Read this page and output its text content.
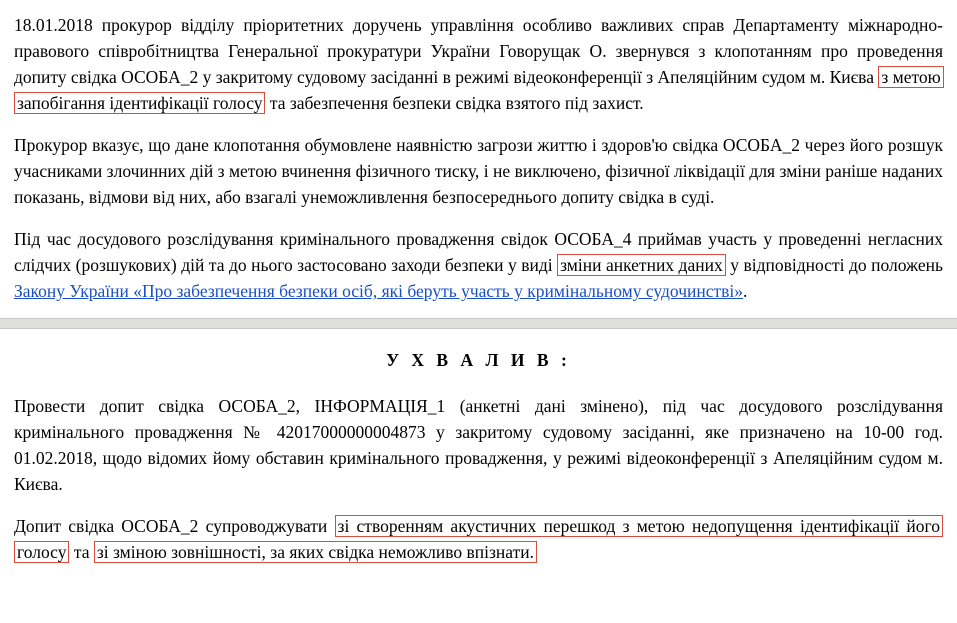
18.01.2018 прокурор відділу пріоритетних доручень управління особливо важливих справ Департаменту міжнародно-правового співробітництва Генеральної прокуратури України Говорущак О. звернувся з клопотанням про проведення допиту свідка ОСОБА_2 у закритому судовому засіданні в режимі відеоконференції з Апеляційним судом м. Києва з метою запобігання ідентифікації голосу та забезпечення безпеки свідка взятого під захист.

Прокурор вказує, що дане клопотання обумовлене наявністю загрози життю і здоров'ю свідка ОСОБА_2 через його розшук учасниками злочинних дій з метою вчинення фізичного тиску, і не виключено, фізичної ліквідації для зміни раніше наданих показань, відмови від них, або взагалі унеможливлення безпосереднього допиту свідка в суді.

Під час досудового розслідування кримінального провадження свідок ОСОБА_4 приймав участь у проведенні негласних слідчих (розшукових) дій та до нього застосовано заходи безпеки у виді зміни анкетних даних у відповідності до положень Закону України «Про забезпечення безпеки осіб, які беруть участь у кримінальному судочинстві».

У Х В А Л И В :

Провести допит свідка ОСОБА_2, ІНФОРМАЦІЯ_1 (анкетні дані змінено), під час досудового розслідування кримінального провадження № 42017000000004873 у закритому судовому засіданні, яке призначено на 10-00 год. 01.02.2018, щодо відомих йому обставин кримінального провадження, у режимі відеоконференції з Апеляційним судом м. Києва.

Допит свідка ОСОБА_2 супроводжувати зі створенням акустичних перешкод з метою недопущення ідентифікації його голосу та зі зміною зовнішності, за яких свідка неможливо впізнати.
